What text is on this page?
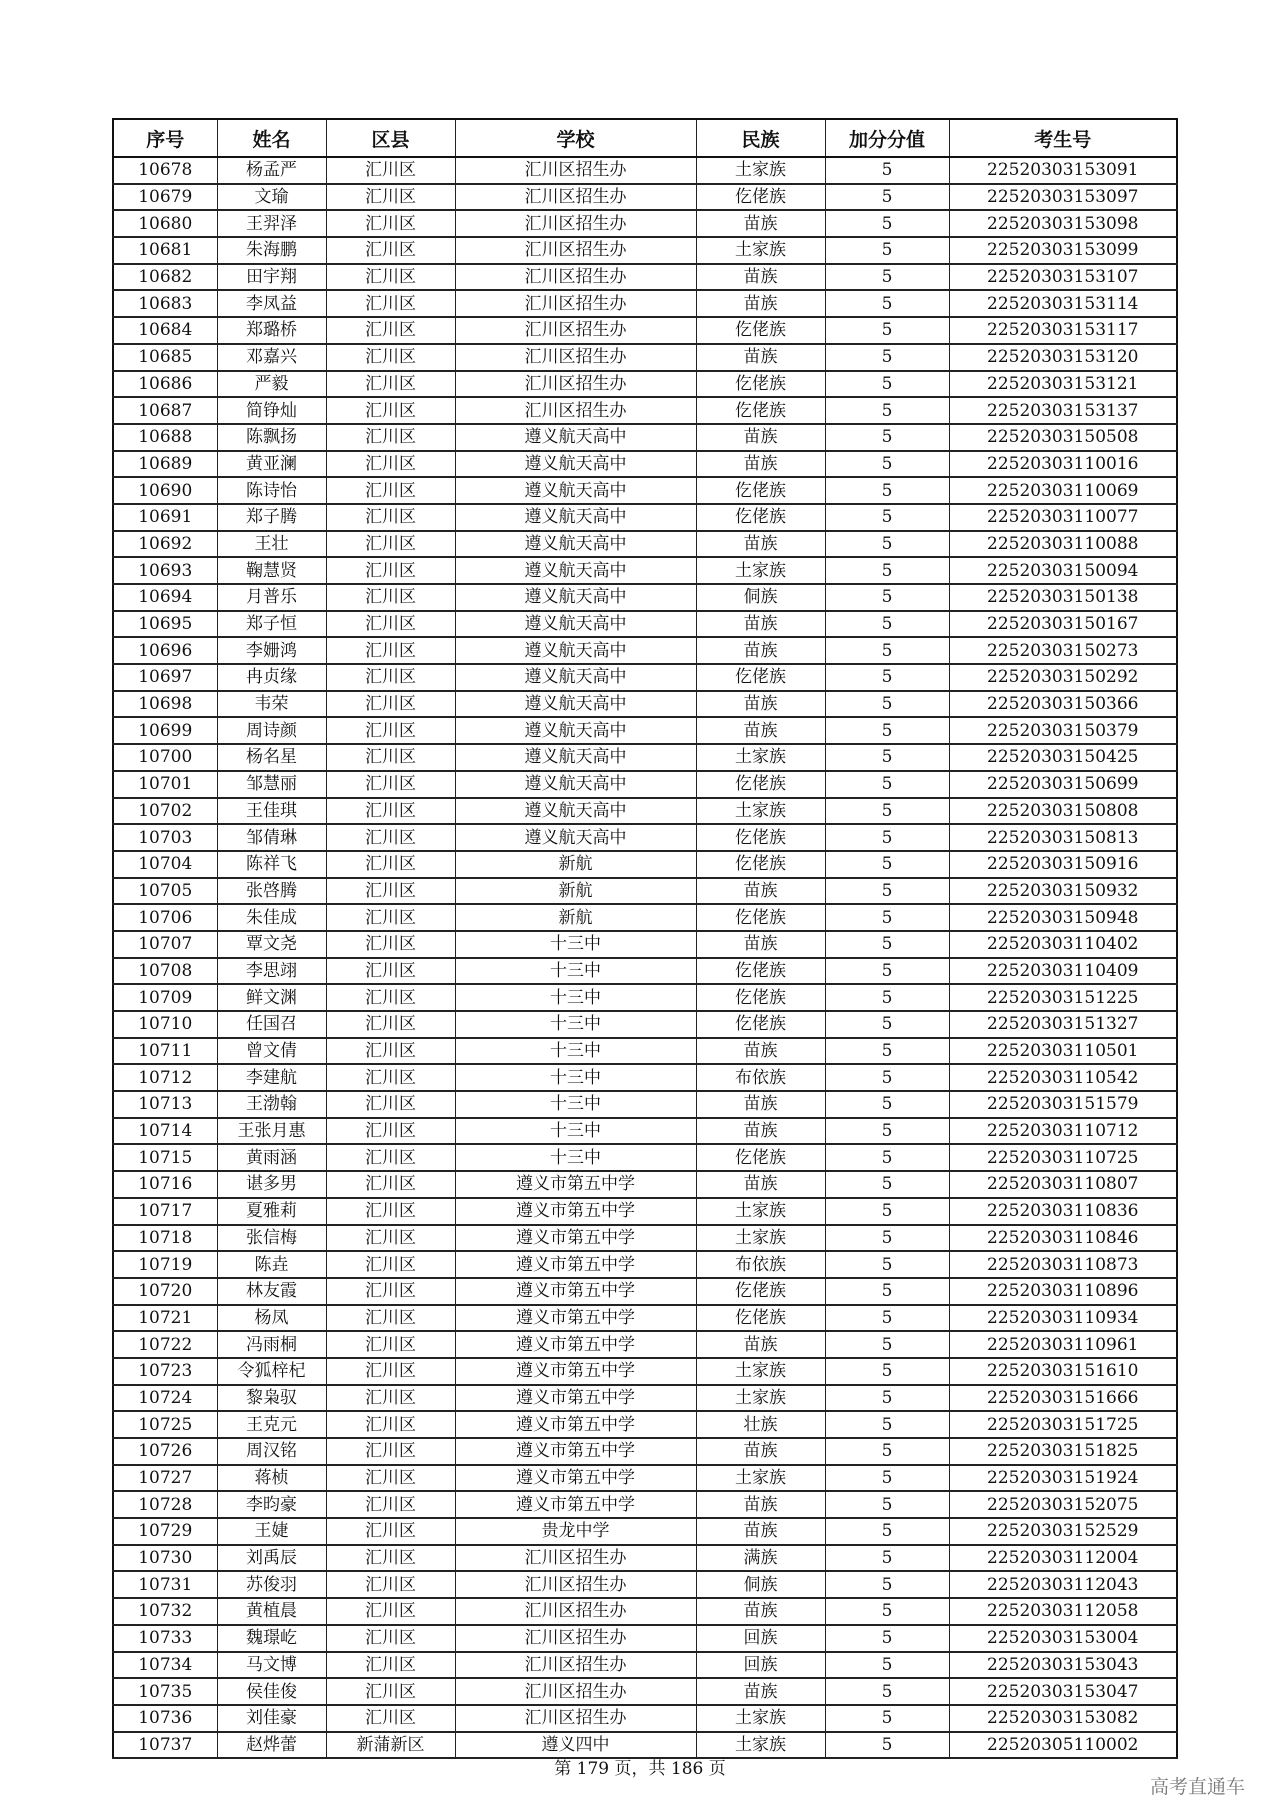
序号	姓名	区县	学校	民族	加分分值	考生号
10678	杨孟严	汇川区	汇川区招生办	土家族	5	22520303153091
10679	文瑜	汇川区	汇川区招生办	仡佬族	5	22520303153097
10680	王羿泽	汇川区	汇川区招生办	苗族	5	22520303153098
10681	朱海鹏	汇川区	汇川区招生办	土家族	5	22520303153099
10682	田宇翔	汇川区	汇川区招生办	苗族	5	22520303153107
10683	李凤益	汇川区	汇川区招生办	苗族	5	22520303153114
10684	郑璐桥	汇川区	汇川区招生办	仡佬族	5	22520303153117
10685	邓嘉兴	汇川区	汇川区招生办	苗族	5	22520303153120
10686	严毅	汇川区	汇川区招生办	仡佬族	5	22520303153121
10687	简铮灿	汇川区	汇川区招生办	仡佬族	5	22520303153137
10688	陈飘扬	汇川区	遵义航天高中	苗族	5	22520303150508
10689	黄亚澜	汇川区	遵义航天高中	苗族	5	22520303110016
10690	陈诗怡	汇川区	遵义航天高中	仡佬族	5	22520303110069
10691	郑子腾	汇川区	遵义航天高中	仡佬族	5	22520303110077
10692	王壮	汇川区	遵义航天高中	苗族	5	22520303110088
10693	鞠慧贤	汇川区	遵义航天高中	土家族	5	22520303150094
10694	月普乐	汇川区	遵义航天高中	侗族	5	22520303150138
10695	郑子恒	汇川区	遵义航天高中	苗族	5	22520303150167
10696	李姗鸿	汇川区	遵义航天高中	苗族	5	22520303150273
10697	冉贞缘	汇川区	遵义航天高中	仡佬族	5	22520303150292
10698	韦荣	汇川区	遵义航天高中	苗族	5	22520303150366
10699	周诗颜	汇川区	遵义航天高中	苗族	5	22520303150379
10700	杨名星	汇川区	遵义航天高中	土家族	5	22520303150425
10701	邹慧丽	汇川区	遵义航天高中	仡佬族	5	22520303150699
10702	王佳琪	汇川区	遵义航天高中	土家族	5	22520303150808
10703	邹倩琳	汇川区	遵义航天高中	仡佬族	5	22520303150813
10704	陈祥飞	汇川区	新航	仡佬族	5	22520303150916
10705	张啓腾	汇川区	新航	苗族	5	22520303150932
10706	朱佳成	汇川区	新航	仡佬族	5	22520303150948
10707	覃文尧	汇川区	十三中	苗族	5	22520303110402
10708	李思翊	汇川区	十三中	仡佬族	5	22520303110409
10709	鲜文渊	汇川区	十三中	仡佬族	5	22520303151225
10710	任国召	汇川区	十三中	仡佬族	5	22520303151327
10711	曾文倩	汇川区	十三中	苗族	5	22520303110501
10712	李建航	汇川区	十三中	布依族	5	22520303110542
10713	王渤翰	汇川区	十三中	苗族	5	22520303151579
10714	王张月惠	汇川区	十三中	苗族	5	22520303110712
10715	黄雨涵	汇川区	十三中	仡佬族	5	22520303110725
10716	谌多男	汇川区	遵义市第五中学	苗族	5	22520303110807
10717	夏雅莉	汇川区	遵义市第五中学	土家族	5	22520303110836
10718	张信梅	汇川区	遵义市第五中学	土家族	5	22520303110846
10719	陈垚	汇川区	遵义市第五中学	布依族	5	22520303110873
10720	林友霞	汇川区	遵义市第五中学	仡佬族	5	22520303110896
10721	杨凤	汇川区	遵义市第五中学	仡佬族	5	22520303110934
10722	冯雨桐	汇川区	遵义市第五中学	苗族	5	22520303110961
10723	令狐梓杞	汇川区	遵义市第五中学	土家族	5	22520303151610
10724	黎枭驭	汇川区	遵义市第五中学	土家族	5	22520303151666
10725	王克元	汇川区	遵义市第五中学	壮族	5	22520303151725
10726	周汉铭	汇川区	遵义市第五中学	苗族	5	22520303151825
10727	蒋桢	汇川区	遵义市第五中学	土家族	5	22520303151924
10728	李昀豪	汇川区	遵义市第五中学	苗族	5	22520303152075
10729	王婕	汇川区	贵龙中学	苗族	5	22520303152529
10730	刘禹辰	汇川区	汇川区招生办	满族	5	22520303112004
10731	苏俊羽	汇川区	汇川区招生办	侗族	5	22520303112043
10732	黄植晨	汇川区	汇川区招生办	苗族	5	22520303112058
10733	魏璟屹	汇川区	汇川区招生办	回族	5	22520303153004
10734	马文博	汇川区	汇川区招生办	回族	5	22520303153043
10735	侯佳俊	汇川区	汇川区招生办	苗族	5	22520303153047
10736	刘佳豪	汇川区	汇川区招生办	土家族	5	22520303153082
10737	赵烨蕾	新蒲新区	遵义四中	土家族	5	22520305110002
第 179 页，共 186 页
高考直通车
